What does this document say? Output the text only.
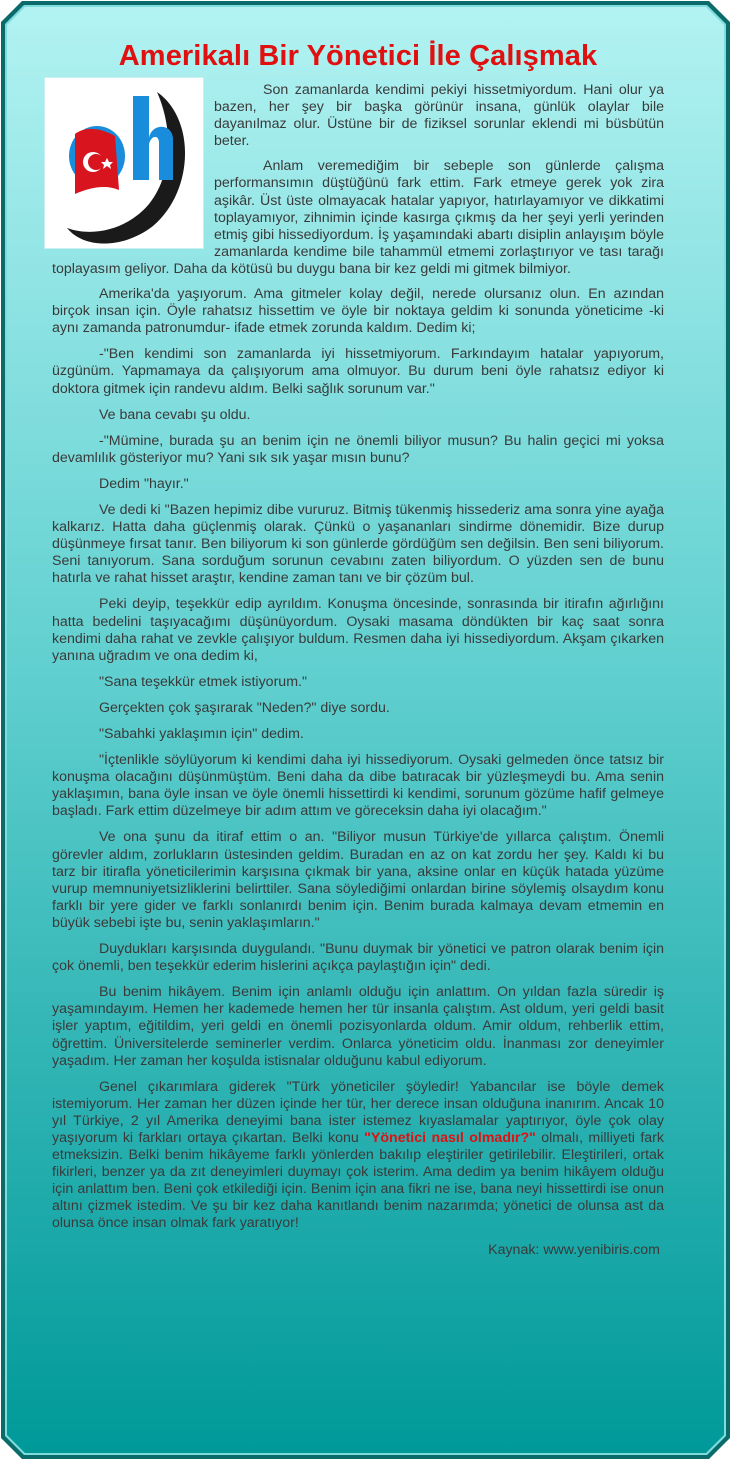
Amerikalı Bir Yönetici İle Çalışmak

Son zamanlarda kendimi pekiyi hissetmiyordum. Hani olur ya bazen, her şey bir başka görünür insana, günlük olaylar bile dayanılmaz olur. Üstüne bir de fiziksel sorunlar eklendi mi büsbütün beter.

Anlam veremediğim bir sebeple son günlerde çalışma performansımın düştüğünü fark ettim. Fark etmeye gerek yok zira aşikâr. Üst üste olmayacak hatalar yapıyor, hatırlayamıyor ve dikkatimi toplayamıyor, zihnimin içinde kasırga çıkmış da her şeyi yerli yerinden etmiş gibi hissediyordum. İş yaşamındaki abartı disiplin anlayışım böyle zamanlarda kendime bile tahammül etmemi zorlaştırıyor ve tası tarağı toplayasım geliyor. Daha da kötüsü bu duygu bana bir kez geldi mi gitmek bilmiyor.

Amerika'da yaşıyorum. Ama gitmeler kolay değil, nerede olursanız olun. En azından birçok insan için. Öyle rahatsız hissettim ve öyle bir noktaya geldim ki sonunda yöneticime -ki aynı zamanda patronumdur- ifade etmek zorunda kaldım. Dedim ki;

-"Ben kendimi son zamanlarda iyi hissetmiyorum. Farkındayım hatalar yapıyorum, üzgünüm. Yapmamaya da çalışıyorum ama olmuyor. Bu durum beni öyle rahatsız ediyor ki doktora gitmek için randevu aldım. Belki sağlık sorunum var."

Ve bana cevabı şu oldu.

-"Mümine, burada şu an benim için ne önemli biliyor musun? Bu halin geçici mi yoksa devamlılık gösteriyor mu? Yani sık sık yaşar mısın bunu?

Dedim "hayır."

Ve dedi ki "Bazen hepimiz dibe vururuz. Bitmiş tükenmiş hissederiz ama sonra yine ayağa kalkarız. Hatta daha güçlenmiş olarak. Çünkü o yaşananları sindirme dönemidir. Bize durup düşünmeye fırsat tanır. Ben biliyorum ki son günlerde gördüğüm sen değilsin. Ben seni biliyorum. Seni tanıyorum. Sana sorduğum sorunun cevabını zaten biliyordum. O yüzden sen de bunu hatırla ve rahat hisset araştır, kendine zaman tanı ve bir çözüm bul.

Peki deyip, teşekkür edip ayrıldım. Konuşma öncesinde, sonrasında bir itirafın ağırlığını hatta bedelini taşıyacağımı düşünüyordum. Oysaki masama döndükten bir kaç saat sonra kendimi daha rahat ve zevkle çalışıyor buldum. Resmen daha iyi hissediyordum. Akşam çıkarken yanına uğradım ve ona dedim ki,

"Sana teşekkür etmek istiyorum."

Gerçekten çok şaşırarak "Neden?" diye sordu.

"Sabahki yaklaşımın için" dedim.

"İçtenlikle söylüyorum ki kendimi daha iyi hissediyorum. Oysaki gelmeden önce tatsız bir konuşma olacağını düşünmüştüm. Beni daha da dibe batıracak bir yüzleşmeydi bu. Ama senin yaklaşımın, bana öyle insan ve öyle önemli hissettirdi ki kendimi, sorunum gözüme hafif gelmeye başladı. Fark ettim düzelmeye bir adım attım ve göreceksin daha iyi olacağım."

Ve ona şunu da itiraf ettim o an. "Biliyor musun Türkiye'de yıllarca çalıştım. Önemli görevler aldım, zorlukların üstesinden geldim. Buradan en az on kat zordu her şey. Kaldı ki bu tarz bir itirafla yöneticilerimin karşısına çıkmak bir yana, aksine onlar en küçük hatada yüzüme vurup memnuniyetsizliklerini belirttiler. Sana söylediğimi onlardan birine söylemiş olsaydım konu farklı bir yere gider ve farklı sonlanırdı benim için. Benim burada kalmaya devam etmemin en büyük sebebi işte bu, senin yaklaşımların."

Duydukları karşısında duygulandı. "Bunu duymak bir yönetici ve patron olarak benim için çok önemli, ben teşekkür ederim hislerini açıkça paylaştığın için" dedi.

Bu benim hikâyem. Benim için anlamlı olduğu için anlattım. On yıldan fazla süredir iş yaşamındayım. Hemen her kademede hemen her tür insanla çalıştım. Ast oldum, yeri geldi basit işler yaptım, eğitildim, yeri geldi en önemli pozisyonlarda oldum. Amir oldum, rehberlik ettim, öğrettim. Üniversitelerde seminerler verdim. Onlarca yöneticim oldu. İnanması zor deneyimler yaşadım. Her zaman her koşulda istisnalar olduğunu kabul ediyorum.

Genel çıkarımlara giderek "Türk yöneticiler şöyledir! Yabancılar ise böyle demek istemiyorum. Her zaman her düzen içinde her tür, her derece insan olduğuna inanırım. Ancak 10 yıl Türkiye, 2 yıl Amerika deneyimi bana ister istemez kıyaslamalar yaptırıyor, öyle çok olay yaşıyorum ki farkları ortaya çıkartan. Belki konu "Yönetici nasıl olmadır?" olmalı, milliyeti fark etmeksizin. Belki benim hikâyeme farklı yönlerden bakılıp eleştiriler getirilebilir. Eleştirileri, ortak fikirleri, benzer ya da zıt deneyimleri duymayı çok isterim. Ama dedim ya benim hikâyem olduğu için anlattım ben. Beni çok etkilediği için. Benim için ana fikri ne ise, bana neyi hissettirdi ise onun altını çizmek istedim. Ve şu bir kez daha kanıtlandı benim nazarımda; yönetici de olunsa ast da olunsa önce insan olmak fark yaratıyor!

Kaynak: www.yenibiris.com
